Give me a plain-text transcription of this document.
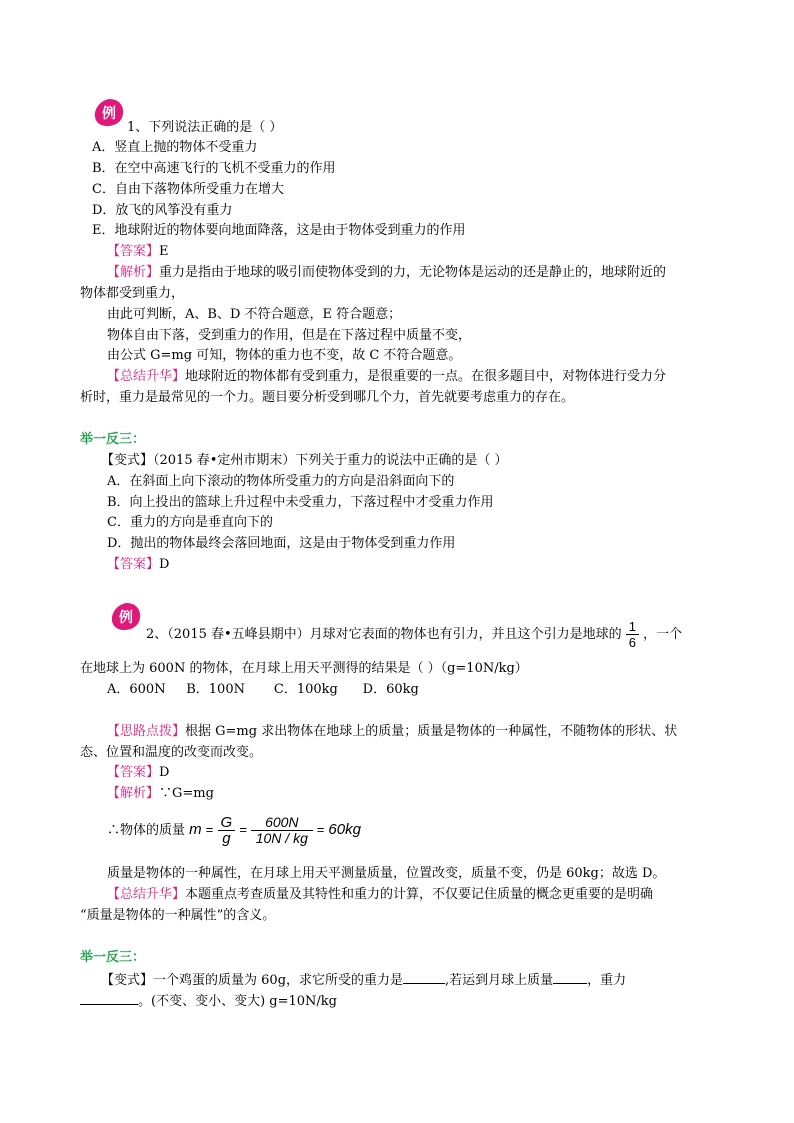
例
1、下列说法正确的是（ ）
A．竖直上抛的物体不受重力
B．在空中高速飞行的飞机不受重力的作用
C．自由下落物体所受重力在增大
D．放飞的风筝没有重力
E．地球附近的物体要向地面降落，这是由于物体受到重力的作用
【答案】E
【解析】重力是指由于地球的吸引而使物体受到的力，无论物体是运动的还是静止的，地球附近的
物体都受到重力，
由此可判断，A、B、D 不符合题意，E 符合题意；
物体自由下落，受到重力的作用，但是在下落过程中质量不变，
由公式 G=mg 可知，物体的重力也不变，故 C 不符合题意。
【总结升华】地球附近的物体都有受到重力，是很重要的一点。在很多题目中，对物体进行受力分
析时，重力是最常见的一个力。题目要分析受到哪几个力，首先就要考虑重力的存在。
举一反三：
【变式】（2015 春•定州市期末）下列关于重力的说法中正确的是（ ）
A．在斜面上向下滚动的物体所受重力的方向是沿斜面向下的
B．向上投出的篮球上升过程中未受重力，下落过程中才受重力作用
C．重力的方向是垂直向下的
D．抛出的物体最终会落回地面，这是由于物体受到重力作用
【答案】D
例
2、（2015 春•五峰县期中）月球对它表面的物体也有引力，并且这个引力是地球的 $\frac{1}{6}$ ，一个
在地球上为 600N 的物体，在月球上用天平测得的结果是（ ）（g=10N/kg）
A．600N     B．100N       C．100kg      D．60kg
【思路点拨】根据 G=mg 求出物体在地球上的质量；质量是物体的一种属性，不随物体的形状、状
态、位置和温度的改变而改变。
【答案】D
【解析】∵G=mg
∴物体的质量 $m = \frac{G}{g} = \frac{600N}{10N / kg} = 60kg$
质量是物体的一种属性，在月球上用天平测量质量，位置改变，质量不变，仍是 60kg；故选 D。
【总结升华】本题重点考查质量及其特性和重力的计算，不仅要记住质量的概念更重要的是明确
“质量是物体的一种属性”的含义。
举一反三：
【变式】一个鸡蛋的质量为 60g，求它所受的重力是	,若运到月球上质量	，重力
。(不变、变小、变大) g=10N/kg
